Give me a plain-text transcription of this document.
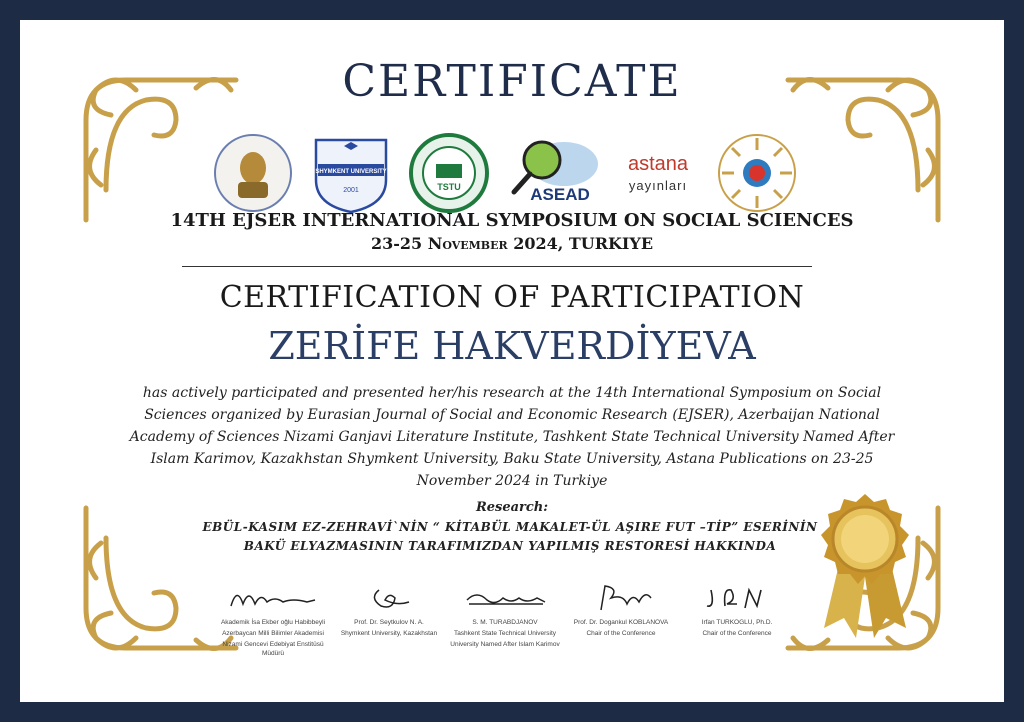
CERTIFICATE
SHYMKENT UNIVERSITY
2001	TSTU	ASEAD
astana
yayınları
14TH EJSER INTERNATIONAL SYMPOSIUM ON SOCIAL SCIENCES
23-25 November 2024, TURKIYE
CERTIFICATION OF PARTICIPATION
ZERİFE HAKVERDİYEVA
has actively participated and presented her/his research at the 14th International Symposium on Social Sciences organized by Eurasian Journal of Social and Economic Research (EJSER), Azerbaijan National Academy of Sciences Nizami Ganjavi Literature Institute, Tashkent State Technical University Named After Islam Karimov, Kazakhstan Shymkent University, Baku State University, Astana Publications on 23-25 November 2024 in Turkiye
Research:
EBÜL-KASIM EZ-ZEHRAVİ`NİN “ KİTABÜL MAKALET-ÜL AŞIRE FUT –TİP” ESERİNİN
BAKÜ ELYAZMASININ TARAFIMIZDAN YAPILMIŞ RESTORESİ HAKKINDA
Akademik İsa Ekber oğlu Habibbeyli
Azerbaycan Milli Bilimler Akademisi
Nizami Gencevi Edebiyat Enstitüsü Müdürü
Prof. Dr. Seytkulov N. A.
Shymkent University, Kazakhstan
S. M. TURABDJANOV
Tashkent State Technical University
University Named After Islam Karimov
Prof. Dr. Dogankul KOBLANOVA
Chair of the Conference
Irfan TURKOGLU, Ph.D.
Chair of the Conference
